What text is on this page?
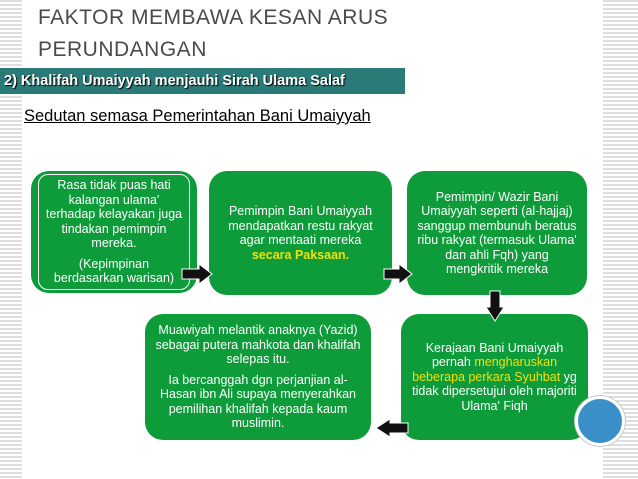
FAKTOR MEMBAWA KESAN ARUS
PERUNDANGAN
2) Khalifah Umaiyyah menjauhi Sirah Ulama Salaf
Sedutan semasa Pemerintahan Bani Umaiyyah

Rasa tidak puas hati kalangan ulama' terhadap kelayakan juga tindakan pemimpin mereka.

(Kepimpinan berdasarkan warisan)

Pemimpin Bani Umaiyyah mendapatkan restu rakyat agar mentaati mereka secara Paksaan.

Pemimpin/ Wazir Bani Umaiyyah seperti (al-hajjaj) sanggup membunuh beratus ribu rakyat (termasuk Ulama' dan ahli Fqh) yang mengkritik mereka

Muawiyah melantik anaknya (Yazid) sebagai putera mahkota dan khalifah selepas itu.

Ia bercanggah dgn perjanjian al-Hasan ibn Ali supaya menyerahkan pemilihan khalifah kepada kaum muslimin.

Kerajaan Bani Umaiyyah pernah mengharuskan beberapa perkara Syuhbat yg tidak dipersetujui oleh majoriti Ulama' Fiqh
